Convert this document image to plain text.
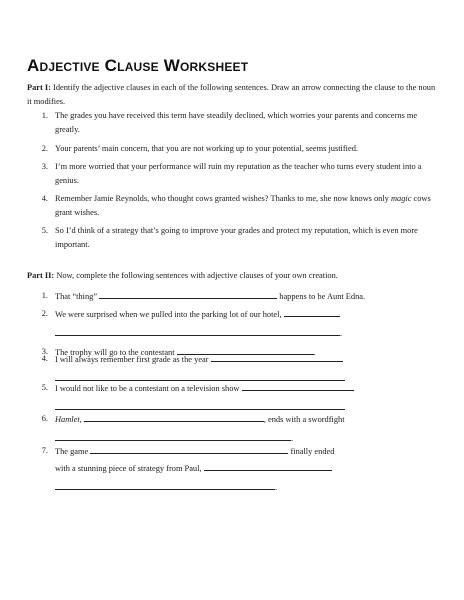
Adjective Clause Worksheet

Part I: Identify the adjective clauses in each of the following sentences. Draw an arrow connecting the clause to the noun it modifies.

1. The grades you have received this term have steadily declined, which worries your parents and concerns me greatly.

2. Your parents’ main concern, that you are not working up to your potential, seems justified.

3. I’m more worried that your performance will ruin my reputation as the teacher who turns every student into a genius.

4. Remember Jamie Reynolds, who thought cows granted wishes? Thanks to me, she now knows only magic cows grant wishes.

5. So I’d think of a strategy that’s going to improve your grades and protect my reputation, which is even more important.

Part II: Now, complete the following sentences with adjective clauses of your own creation.

1. That “thing”	happens to be Aunt Edna.

2. We were surprised when we pulled into the parking lot of our hotel,
.

3. The trophy will go to the contestant	.

4. I will always remember first grade as the year

5. I would not like to be a contestant on a television show

6. Hamlet,	, ends with a swordfight
.

7. The game	finally ended
with a stunning piece of strategy from Paul,
.
